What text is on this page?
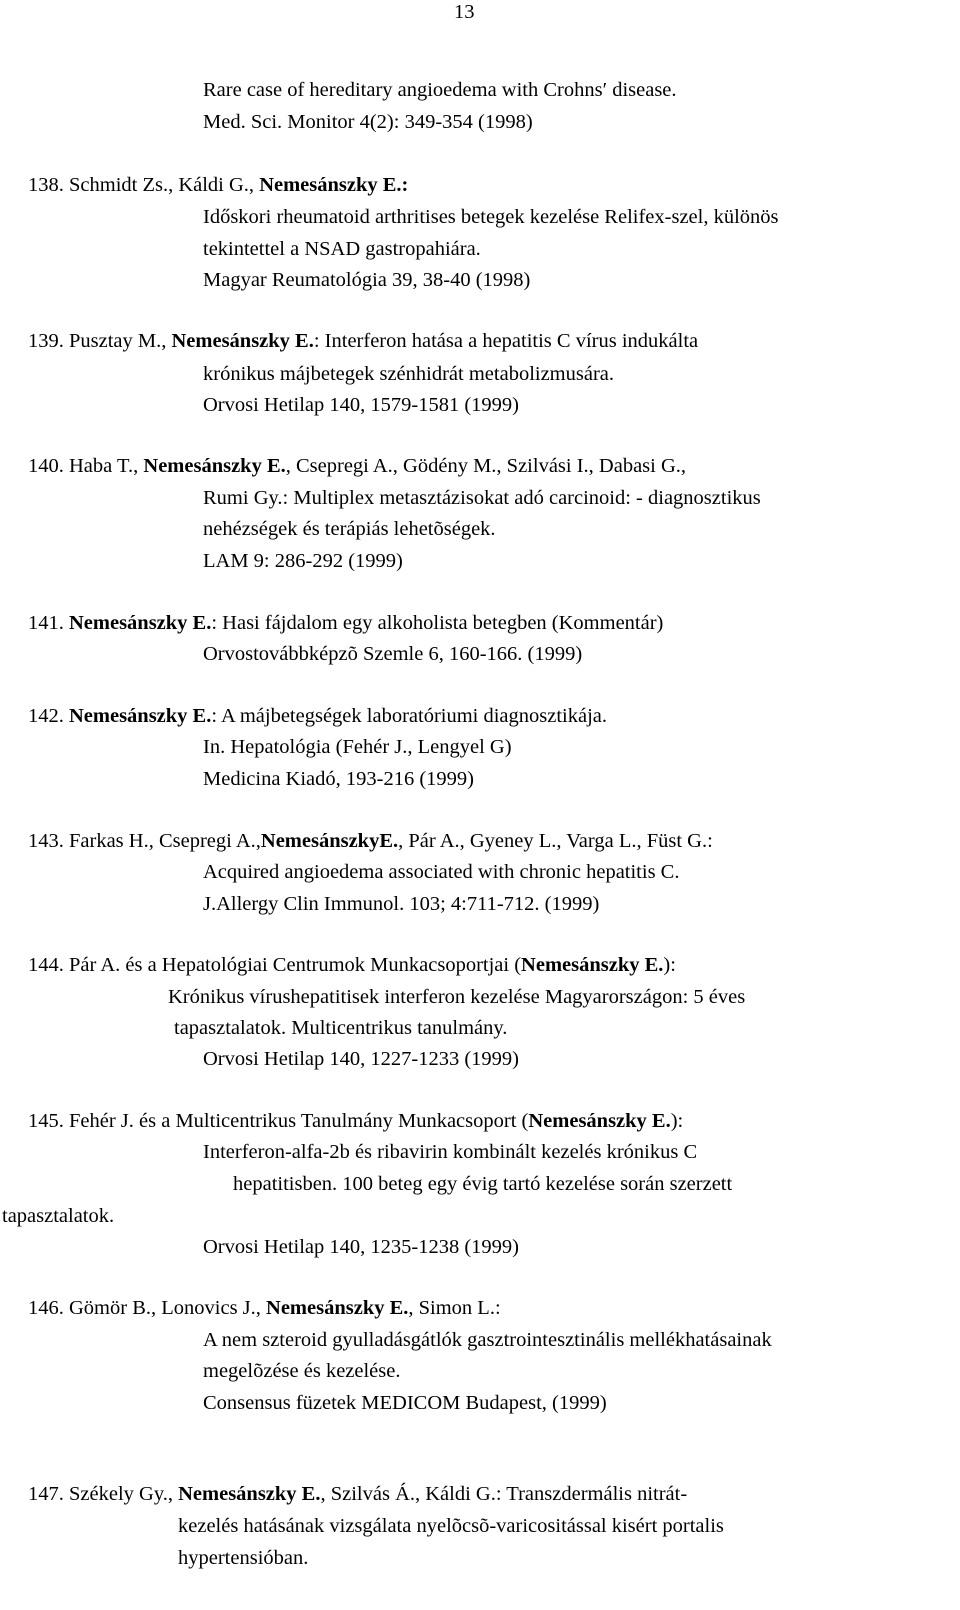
13
Rare case of hereditary angioedema with Crohns′ disease.
Med. Sci. Monitor 4(2): 349-354 (1998)
138. Schmidt Zs., Káldi G., Nemesánszky E.:
Időskori rheumatoid arthritises betegek kezelése Relifex-szel, különös
tekintettel a NSAD gastropahiára.
Magyar Reumatológia 39, 38-40 (1998)
139. Pusztay M., Nemesánszky E.: Interferon hatása a hepatitis C vírus indukálta
krónikus májbetegek szénhidrát metabolizmusára.
Orvosi Hetilap 140, 1579-1581 (1999)
140. Haba T., Nemesánszky E., Csepregi A., Gödény M., Szilvási I., Dabasi G.,
Rumi Gy.: Multiplex metasztázisokat adó carcinoid: - diagnosztikus
nehézségek és terápiás lehetõségek.
LAM 9: 286-292 (1999)
141. Nemesánszky E.: Hasi fájdalom egy alkoholista betegben (Kommentár)
Orvostovábbképzõ Szemle 6, 160-166. (1999)
142. Nemesánszky E.: A májbetegségek laboratóriumi diagnosztikája.
In. Hepatológia (Fehér J., Lengyel G)
Medicina Kiadó, 193-216 (1999)
143. Farkas H., Csepregi A.,NemesánszkyE., Pár A., Gyeney L., Varga L., Füst G.:
Acquired angioedema associated with chronic hepatitis C.
J.Allergy Clin Immunol. 103; 4:711-712. (1999)
144. Pár A. és a Hepatológiai Centrumok Munkacsoportjai (Nemesánszky E.):
Krónikus vírushepatitisek interferon kezelése Magyarországon: 5 éves
tapasztalatok. Multicentrikus tanulmány.
Orvosi Hetilap 140, 1227-1233 (1999)
145. Fehér J. és a Multicentrikus Tanulmány Munkacsoport (Nemesánszky E.):
Interferon-alfa-2b és ribavirin kombinált kezelés krónikus C
hepatitisben. 100 beteg egy évig tartó kezelése során szerzett
tapasztalatok.
Orvosi Hetilap 140, 1235-1238 (1999)
146. Gömör B., Lonovics J., Nemesánszky E., Simon L.:
A nem szteroid gyulladásgátlók gasztrointesztinális mellékhatásainak
megelõzése és kezelése.
Consensus füzetek MEDICOM Budapest, (1999)
147. Székely Gy., Nemesánszky E., Szilvás Á., Káldi G.: Transzdermális nitrát-
kezelés hatásának vizsgálata nyelõcsõ-varicositással kisért portalis
hypertensióban.
